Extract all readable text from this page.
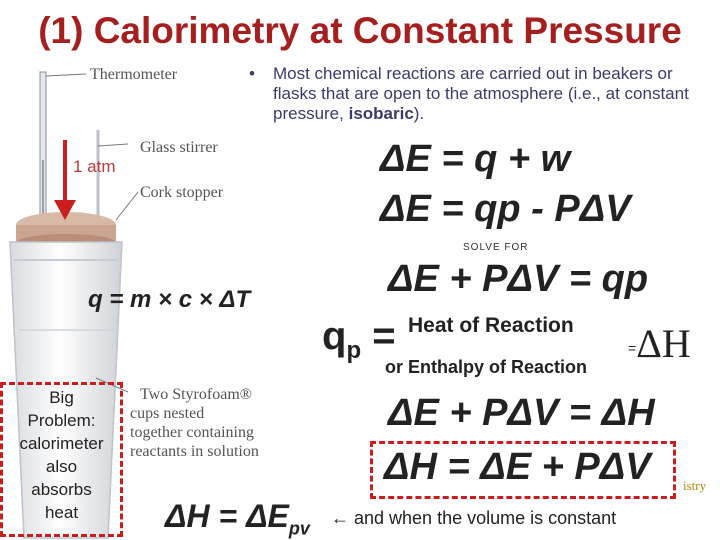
(1) Calorimetry at Constant Pressure
• Most chemical reactions are carried out in beakers or flasks that are open to the atmosphere (i.e., at constant pressure, isobaric).
Thermometer
Glass stirrer
Cork stopper
1 atm
Two Styrofoam®
cups nested
together containing
reactants in solution
ΔE = q + w
ΔE = qp - PΔV
SOLVE FOR
ΔE + PΔV = qp
q = m × c × ΔT
$q_p$ = Heat of Reaction
or Enthalpy of Reaction
=ΔH
ΔE + PΔV = ΔH
ΔH = ΔE + PΔV istry
$\Delta H = \Delta E_{pv}$
← and when the volume is constant
Big
Problem:
calorimeter
also
absorbs
heat
